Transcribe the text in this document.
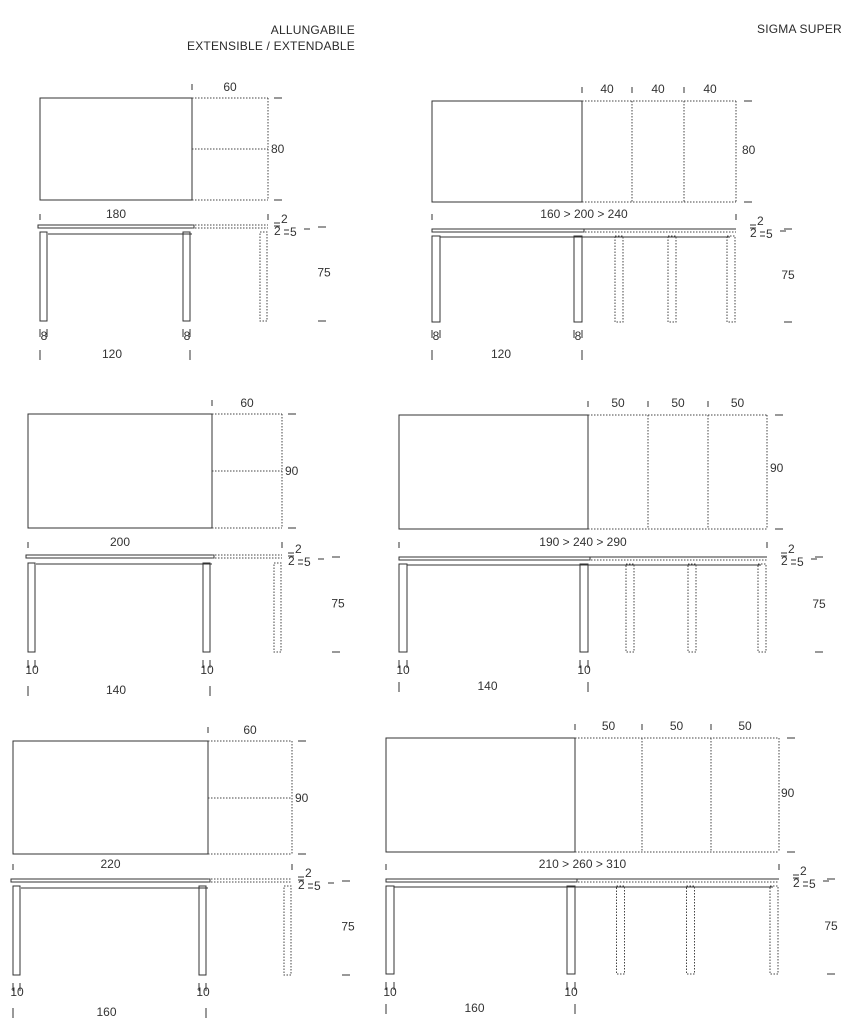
ALLUNGABILE
EXTENSIBLE / EXTENDABLE
SIGMA SUPER
60
80
180	2
2 5
75
8	8
120
60
90
200	2
2 5
75
10	10
140
60
90
220
2
2 5
75
10	10
160
40	40	40
80
160 > 200 > 240	2
2 5
75
8	8
120
50	50	50
90
190 > 240 > 290	2
2 5
75
10	10
140
50	50	50
90
210 > 260 > 310	2
2 5
75
10	10
160
